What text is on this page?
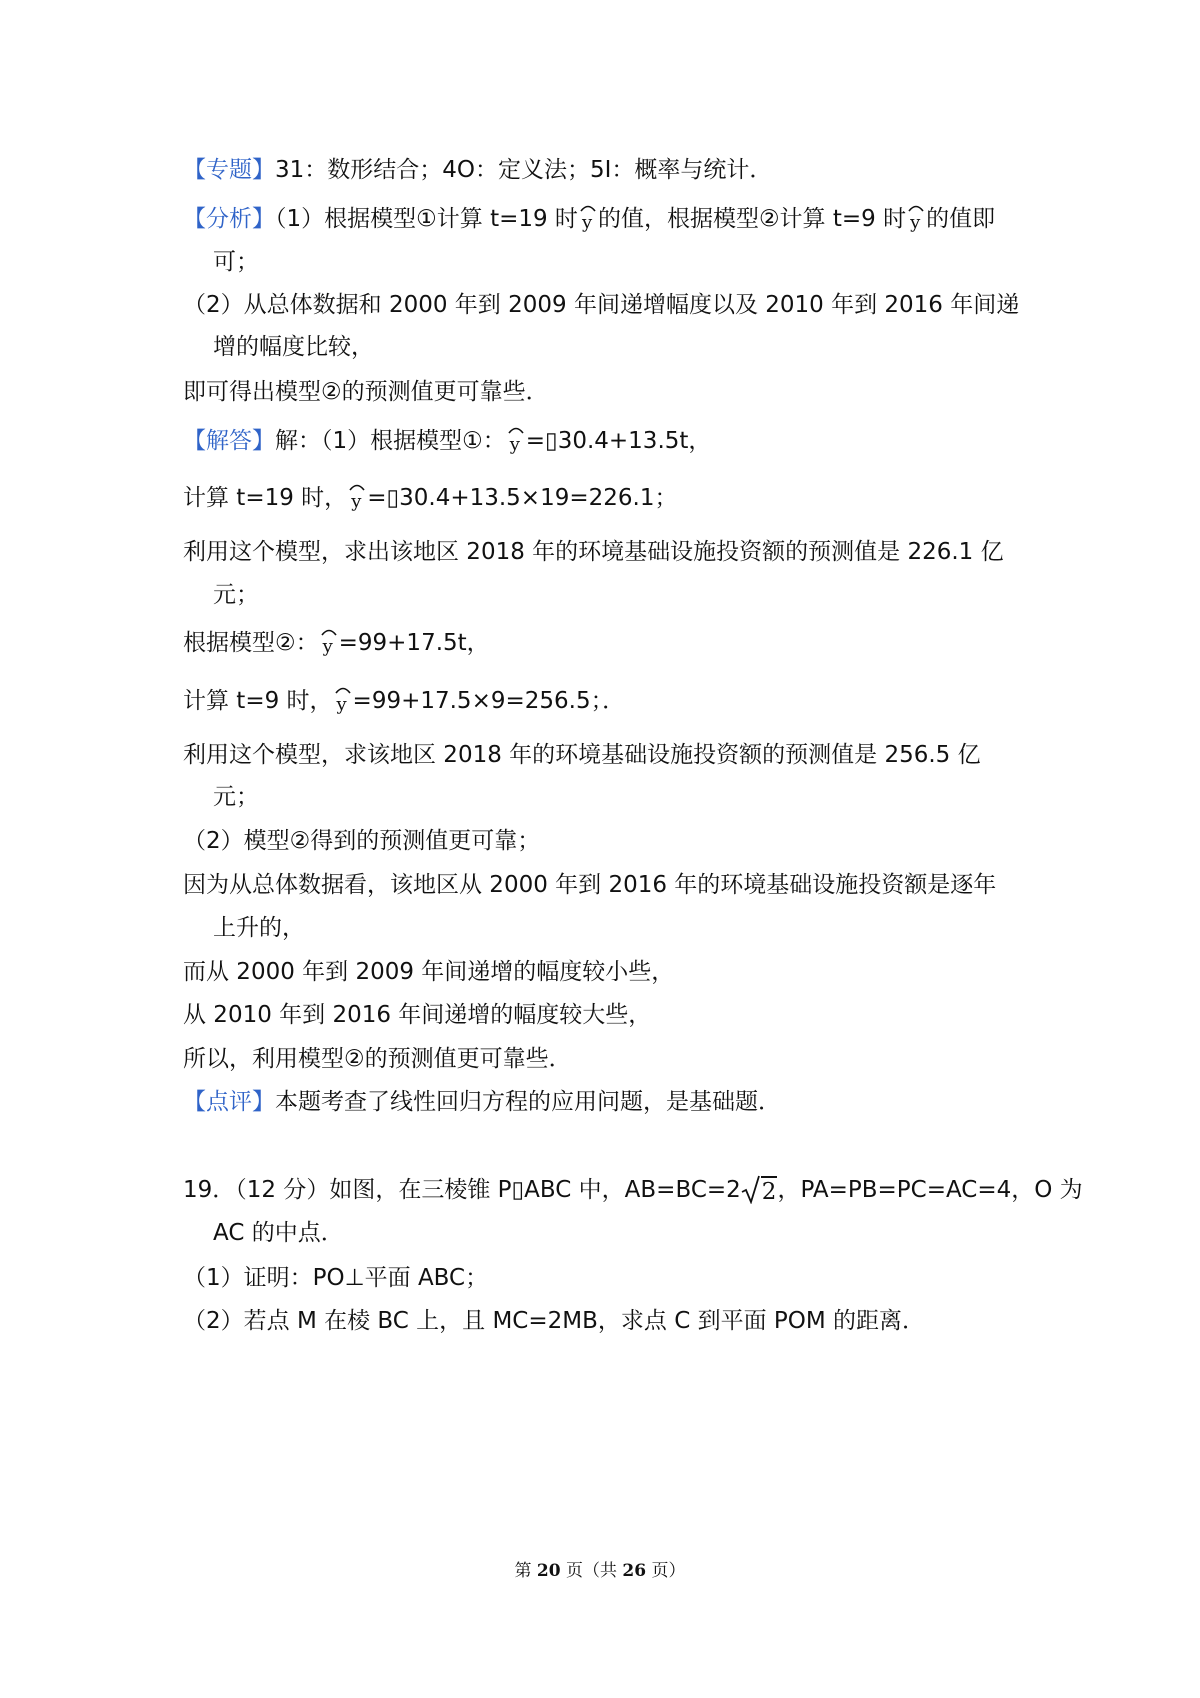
【专题】31：数形结合；4O：定义法；5I：概率与统计．
【分析】（1）根据模型①计算 t=19 时 y 的值，根据模型②计算 t=9 时 y 的值即
可；
（2）从总体数据和 2000 年到 2009 年间递增幅度以及 2010 年到 2016 年间递
增的幅度比较，
即可得出模型②的预测值更可靠些．
【解答】解：（1）根据模型①： y =▯30.4+13.5t，
计算 t=19 时， y =▯30.4+13.5×19=226.1；
利用这个模型，求出该地区 2018 年的环境基础设施投资额的预测值是 226.1 亿
元；
根据模型②： y =99+17.5t，
计算 t=9 时， y =99+17.5×9=256.5；．
利用这个模型，求该地区 2018 年的环境基础设施投资额的预测值是 256.5 亿
元；
（2）模型②得到的预测值更可靠；
因为从总体数据看，该地区从 2000 年到 2016 年的环境基础设施投资额是逐年
上升的，
而从 2000 年到 2009 年间递增的幅度较小些，
从 2010 年到 2016 年间递增的幅度较大些，
所以，利用模型②的预测值更可靠些．
【点评】本题考查了线性回归方程的应用问题，是基础题．
19．（12 分）如图，在三棱锥 P▯ABC 中，AB=BC=2 2，PA=PB=PC=AC=4，O 为
AC 的中点．
（1）证明：PO⊥平面 ABC；
（2）若点 M 在棱 BC 上，且 MC=2MB，求点 C 到平面 POM 的距离．
第 20 页（共 26 页）
